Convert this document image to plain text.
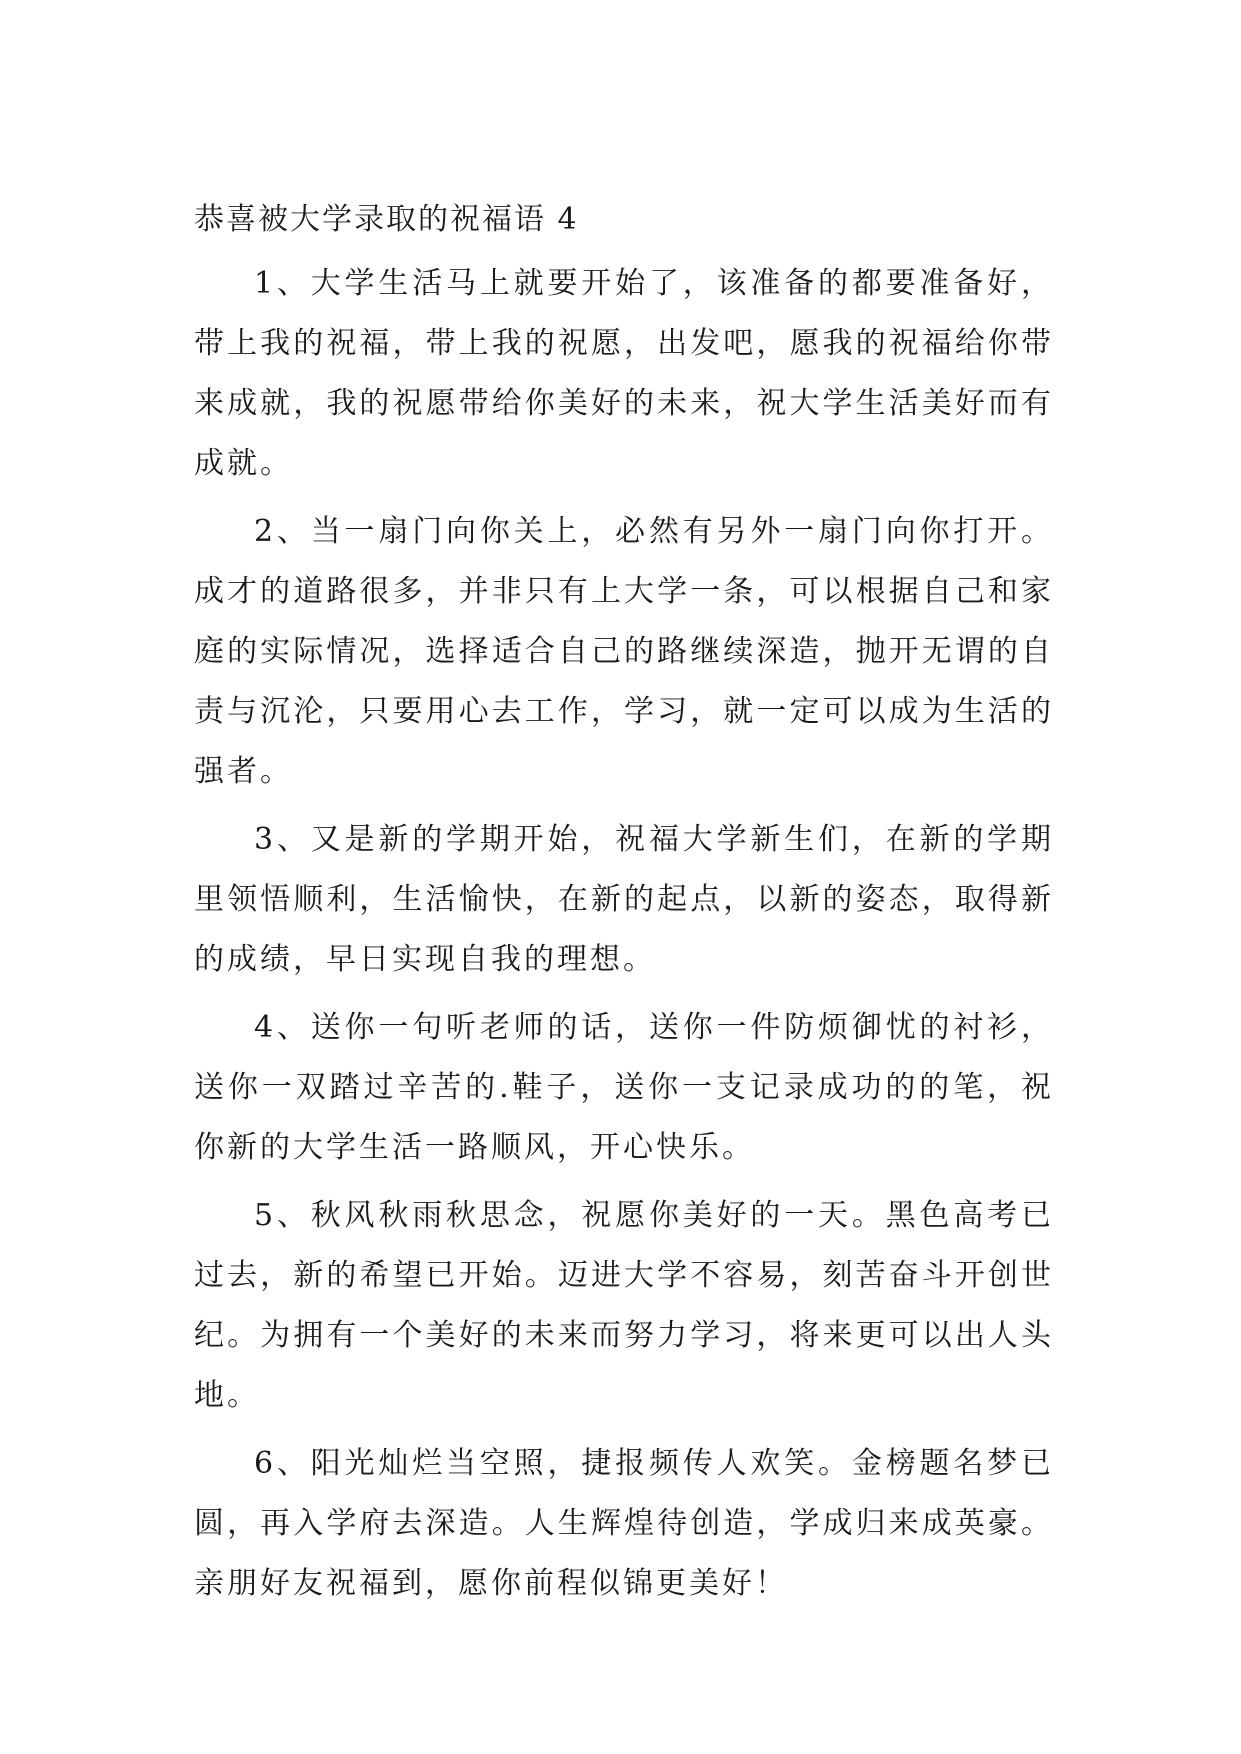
恭喜被大学录取的祝福语 4

1、大学生活马上就要开始了，该准备的都要准备好，带上我的祝福，带上我的祝愿，出发吧，愿我的祝福给你带来成就，我的祝愿带给你美好的未来，祝大学生活美好而有成就。

2、当一扇门向你关上，必然有另外一扇门向你打开。成才的道路很多，并非只有上大学一条，可以根据自己和家庭的实际情况，选择适合自己的路继续深造，抛开无谓的自责与沉沦，只要用心去工作，学习，就一定可以成为生活的强者。

3、又是新的学期开始，祝福大学新生们，在新的学期里领悟顺利，生活愉快，在新的起点，以新的姿态，取得新的成绩，早日实现自我的理想。

4、送你一句听老师的话，送你一件防烦御忧的衬衫，送你一双踏过辛苦的.鞋子，送你一支记录成功的的笔，祝你新的大学生活一路顺风，开心快乐。

5、秋风秋雨秋思念，祝愿你美好的一天。黑色高考已过去，新的希望已开始。迈进大学不容易，刻苦奋斗开创世纪。为拥有一个美好的未来而努力学习，将来更可以出人头地。

6、阳光灿烂当空照，捷报频传人欢笑。金榜题名梦已圆，再入学府去深造。人生辉煌待创造，学成归来成英豪。亲朋好友祝福到，愿你前程似锦更美好！
